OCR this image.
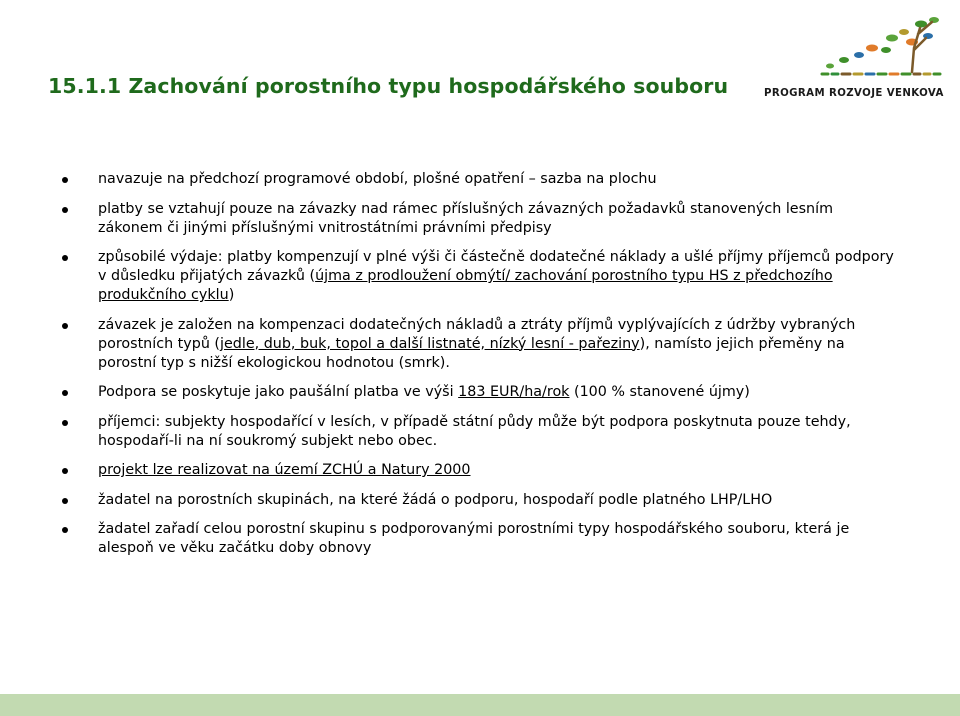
15.1.1 Zachování porostního typu hospodářského souboru	PROGRAM ROZVOJE VENKOVA
navazuje na předchozí programové období, plošné opatření – sazba na plochu
platby se vztahují pouze na závazky nad rámec příslušných závazných požadavků stanovených lesním zákonem či jinými příslušnými vnitrostátními právními předpisy
způsobilé výdaje: platby kompenzují v plné výši či částečně dodatečné náklady a ušlé příjmy příjemců podpory v důsledku přijatých závazků (újma z prodloužení obmýtí/ zachování porostního typu HS z předchozího produkčního cyklu)
závazek je založen na kompenzaci dodatečných nákladů a ztráty příjmů vyplývajících z údržby vybraných porostních typů (jedle, dub, buk, topol a další listnaté, nízký lesní - pařeziny), namísto jejich přeměny na porostní typ s nižší ekologickou hodnotou (smrk).
Podpora se poskytuje jako paušální platba ve výši 183 EUR/ha/rok (100 % stanovené újmy)
příjemci: subjekty hospodařící v lesích, v případě státní půdy může být podpora poskytnuta pouze tehdy, hospodaří-li na ní soukromý subjekt nebo obec.
projekt lze realizovat na území ZCHÚ a Natury 2000
žadatel na porostních skupinách, na které žádá o podporu, hospodaří podle platného LHP/LHO
žadatel zařadí celou porostní skupinu s podporovanými porostními typy hospodářského souboru, která je alespoň ve věku začátku doby obnovy
